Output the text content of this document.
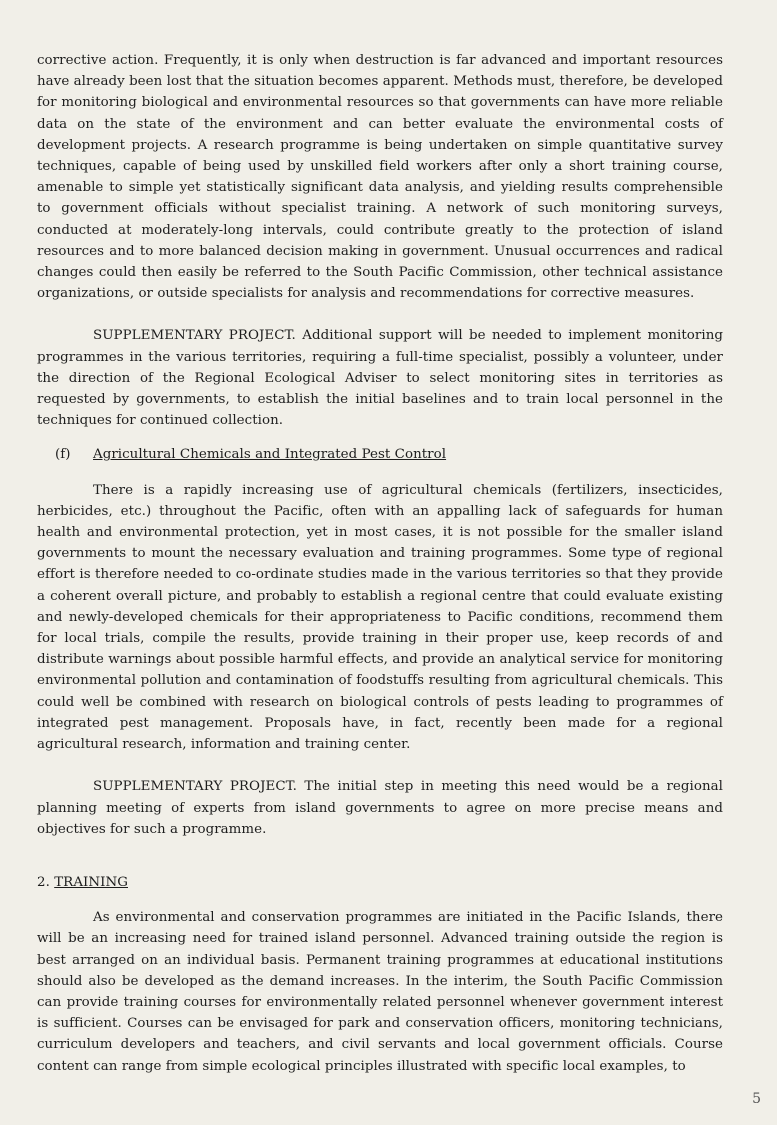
corrective action. Frequently, it is only when destruction is far advanced and important resources have already been lost that the situation becomes apparent. Methods must, therefore, be developed for monitoring biological and environmental resources so that governments can have more reliable data on the state of the environment and can better evaluate the environmental costs of development projects. A research programme is being undertaken on simple quantitative survey techniques, capable of being used by unskilled field workers after only a short training course, amenable to simple yet statistically significant data analysis, and yielding results comprehensible to government officials without specialist training. A network of such monitoring surveys, conducted at moderately-long intervals, could contribute greatly to the protection of island resources and to more balanced decision making in government. Unusual occurrences and radical changes could then easily be referred to the South Pacific Commission, other technical assistance organizations, or outside specialists for analysis and recommendations for corrective measures.

SUPPLEMENTARY PROJECT. Additional support will be needed to implement monitoring programmes in the various territories, requiring a full-time specialist, possibly a volunteer, under the direction of the Regional Ecological Adviser to select monitoring sites in territories as requested by governments, to establish the initial baselines and to train local personnel in the techniques for continued collection.

(f)	Agricultural Chemicals and Integrated Pest Control

There is a rapidly increasing use of agricultural chemicals (fertilizers, insecticides, herbicides, etc.) throughout the Pacific, often with an appalling lack of safeguards for human health and environmental protection, yet in most cases, it is not possible for the smaller island governments to mount the necessary evaluation and training programmes. Some type of regional effort is therefore needed to co-ordinate studies made in the various territories so that they provide a coherent overall picture, and probably to establish a regional centre that could evaluate existing and newly-developed chemicals for their appropriateness to Pacific conditions, recommend them for local trials, compile the results, provide training in their proper use, keep records of and distribute warnings about possible harmful effects, and provide an analytical service for monitoring environmental pollution and contamination of foodstuffs resulting from agricultural chemicals. This could well be combined with research on biological controls of pests leading to programmes of integrated pest management. Proposals have, in fact, recently been made for a regional agricultural research, information and training center.

SUPPLEMENTARY PROJECT. The initial step in meeting this need would be a regional planning meeting of experts from island governments to agree on more precise means and objectives for such a programme.

2. TRAINING

As environmental and conservation programmes are initiated in the Pacific Islands, there will be an increasing need for trained island personnel. Advanced training outside the region is best arranged on an individual basis. Permanent training programmes at educational institutions should also be developed as the demand increases. In the interim, the South Pacific Commission can provide training courses for environmentally related personnel whenever government interest is sufficient. Courses can be envisaged for park and conservation officers, monitoring technicians, curriculum developers and teachers, and civil servants and local government officials. Course content can range from simple ecological principles illustrated with specific local examples, to

5
